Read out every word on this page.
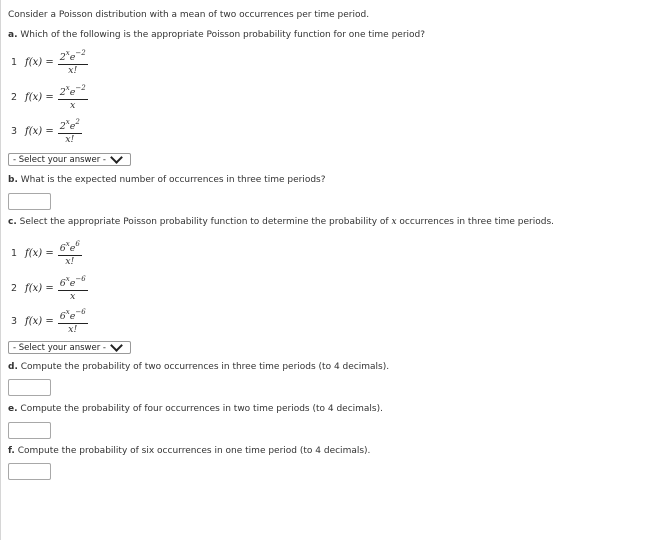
Consider a Poisson distribution with a mean of two occurrences per time period.
a. Which of the following is the appropriate Poisson probability function for one time period?
1 $f(x) = \frac{2^xe^{-2}}{x!}$
2 $f(x) = \frac{2^xe^{-2}}{x}$
3 $f(x) = \frac{2^xe^2}{x!}$
- Select your answer -
b. What is the expected number of occurrences in three time periods?
c. Select the appropriate Poisson probability function to determine the probability of x occurrences in three time periods.
1 $f(x) = \frac{6^xe^6}{x!}$
2 $f(x) = \frac{6^xe^{-6}}{x}$
3 $f(x) = \frac{6^xe^{-6}}{x!}$
- Select your answer -
d. Compute the probability of two occurrences in three time periods (to 4 decimals).
e. Compute the probability of four occurrences in two time periods (to 4 decimals).
f. Compute the probability of six occurrences in one time period (to 4 decimals).
